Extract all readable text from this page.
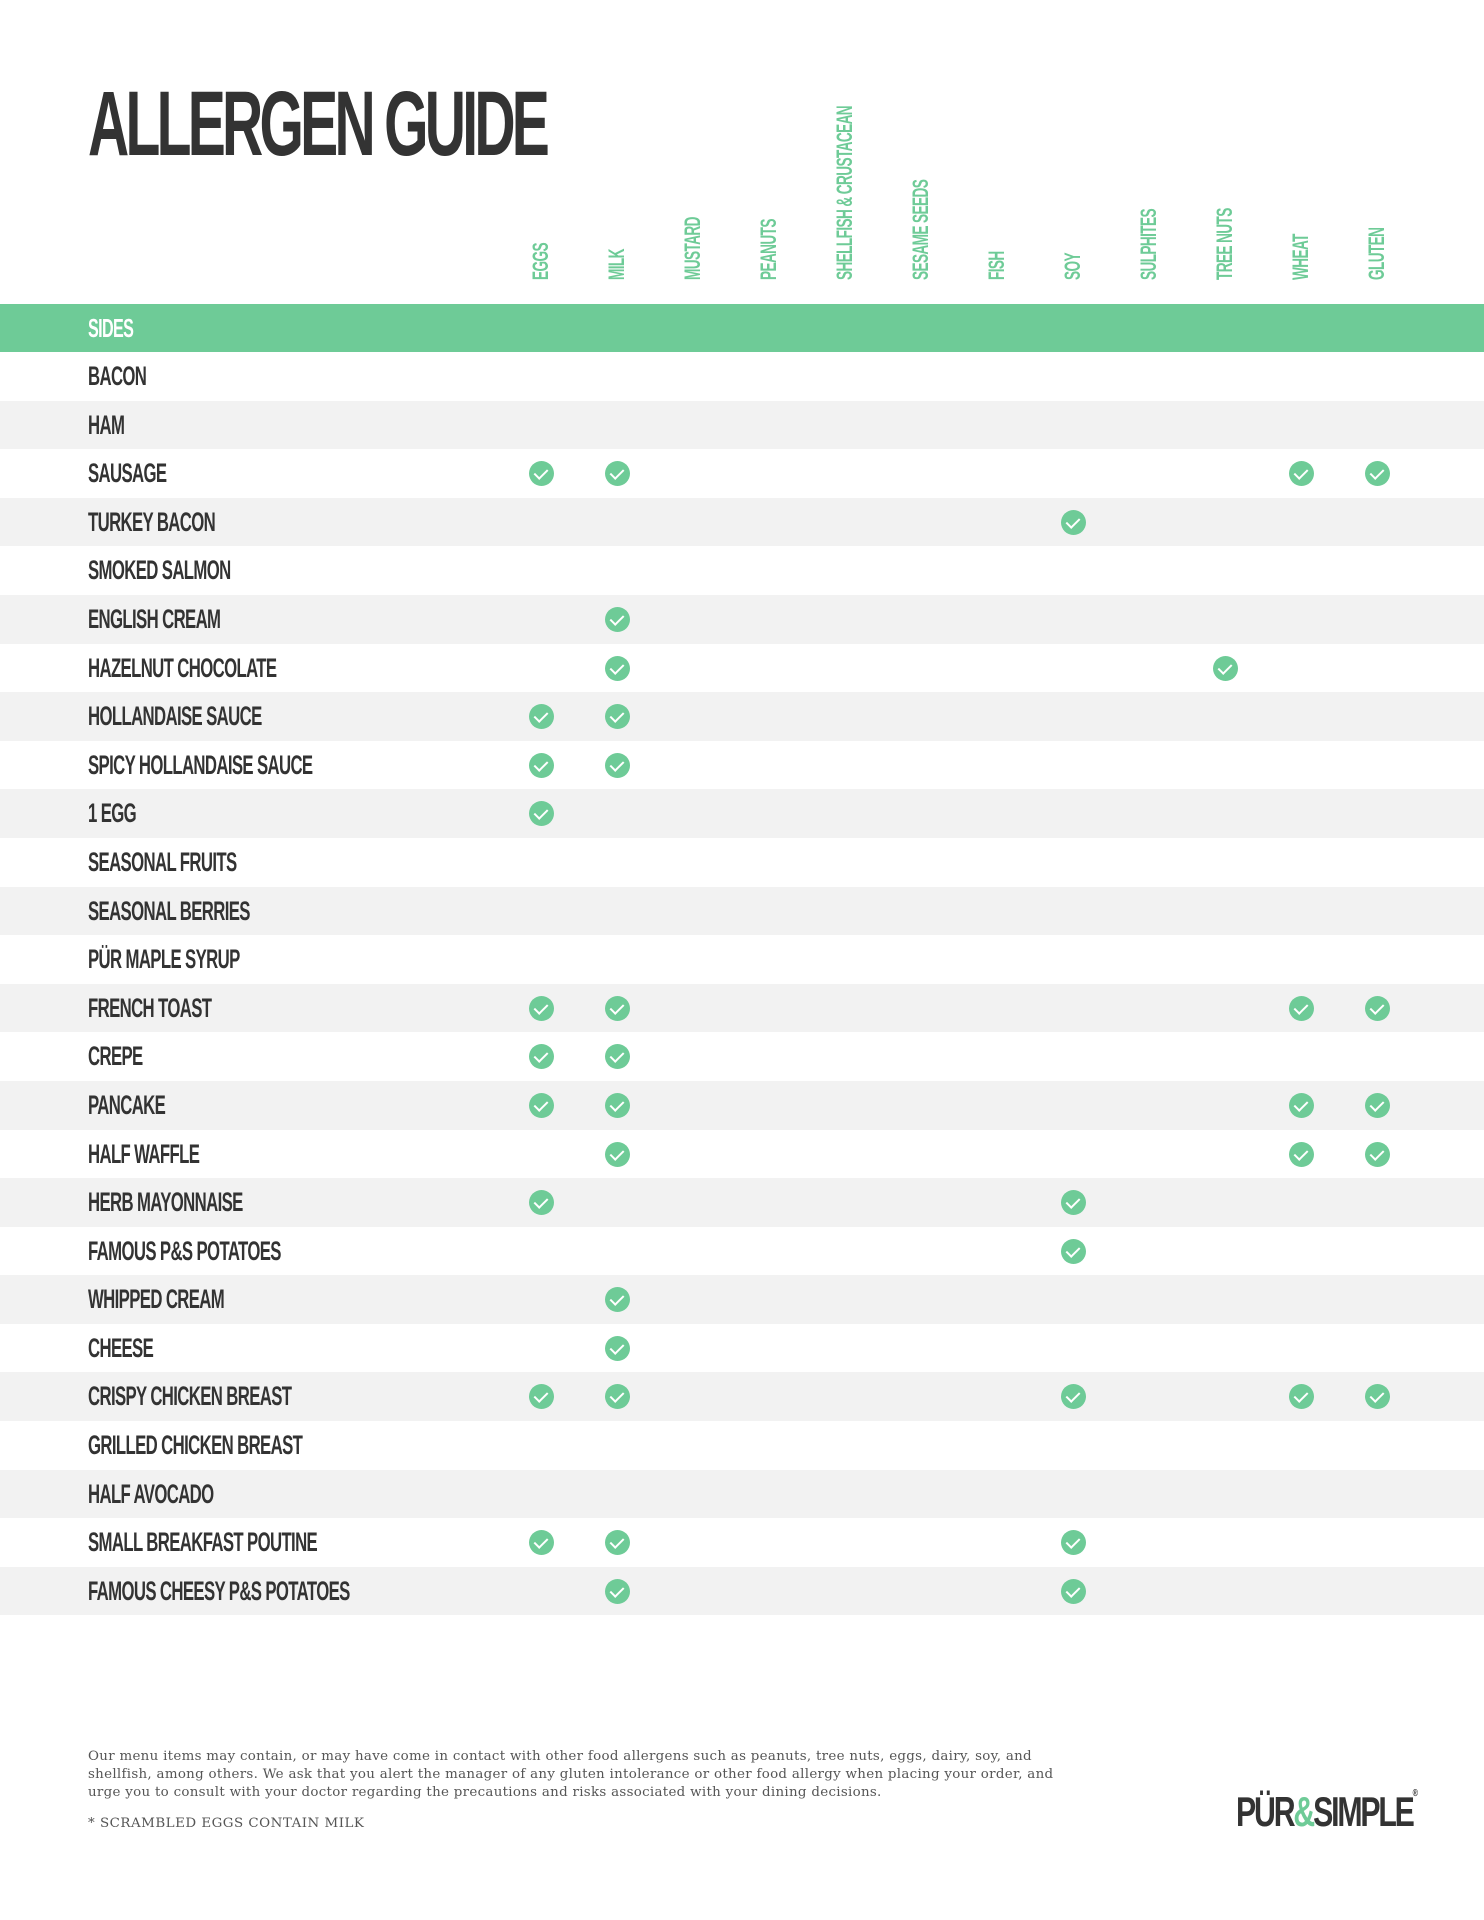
ALLERGEN GUIDE
EGGS MILK MUSTARD PEANUTS SHELLFISH & CRUSTACEAN SESAME SEEDS FISH SOY SULPHITES TREE NUTS WHEAT GLUTEN
SIDES
BACON
HAM
SAUSAGE
TURKEY BACON
SMOKED SALMON
ENGLISH CREAM
HAZELNUT CHOCOLATE
HOLLANDAISE SAUCE
SPICY HOLLANDAISE SAUCE
1 EGG
SEASONAL FRUITS
SEASONAL BERRIES
PÜR MAPLE SYRUP
FRENCH TOAST
CREPE
PANCAKE
HALF WAFFLE
HERB MAYONNAISE
FAMOUS P&S POTATOES
WHIPPED CREAM
CHEESE
CRISPY CHICKEN BREAST
GRILLED CHICKEN BREAST
HALF AVOCADO
SMALL BREAKFAST POUTINE
FAMOUS CHEESY P&S POTATOES
Our menu items may contain, or may have come in contact with other food allergens such as peanuts, tree nuts, eggs, dairy, soy, and shellfish, among others. We ask that you alert the manager of any gluten intolerance or other food allergy when placing your order, and urge you to consult with your doctor regarding the precautions and risks associated with your dining decisions.
* SCRAMBLED EGGS CONTAIN MILK	PÜR&SIMPLE®
